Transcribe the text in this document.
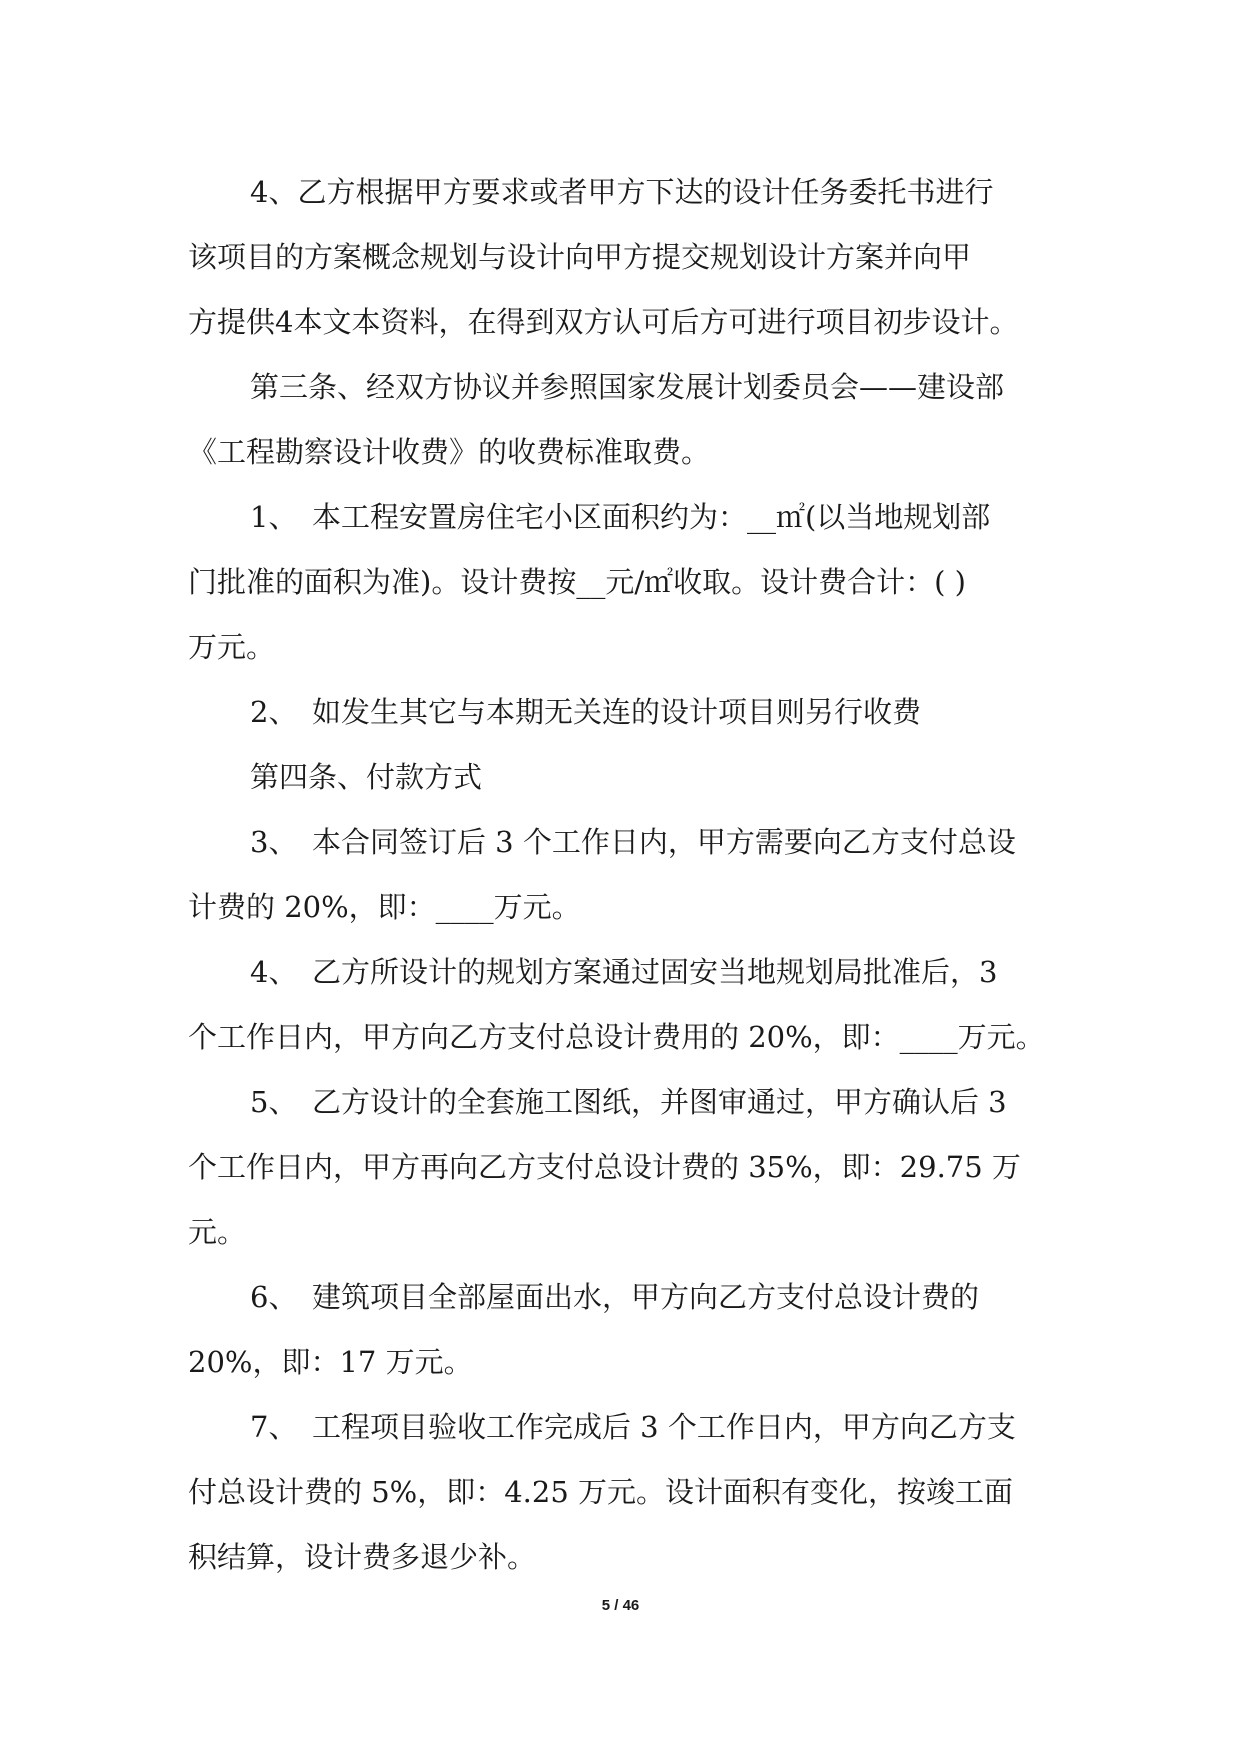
4、乙方根据甲方要求或者甲方下达的设计任务委托书进行
该项目的方案概念规划与设计向甲方提交规划设计方案并向甲
方提供4本文本资料，在得到双方认可后方可进行项目初步设计。
第三条、经双方协议并参照国家发展计划委员会——建设部
《工程勘察设计收费》的收费标准取费。
1、　本工程安置房住宅小区面积约为：__㎡(以当地规划部
门批准的面积为准)。设计费按__元/㎡收取。设计费合计：( )
万元。
2、　如发生其它与本期无关连的设计项目则另行收费
第四条、付款方式
3、　本合同签订后 3 个工作日内，甲方需要向乙方支付总设
计费的 20%，即：____万元。
4、　乙方所设计的规划方案通过固安当地规划局批准后，3
个工作日内，甲方向乙方支付总设计费用的 20%，即：____万元。
5、　乙方设计的全套施工图纸，并图审通过，甲方确认后 3
个工作日内，甲方再向乙方支付总设计费的 35%，即：29.75 万
元。
6、　建筑项目全部屋面出水，甲方向乙方支付总设计费的
20%，即：17 万元。
7、　工程项目验收工作完成后 3 个工作日内，甲方向乙方支
付总设计费的 5%，即：4.25 万元。设计面积有变化，按竣工面
积结算，设计费多退少补。
5 / 46
